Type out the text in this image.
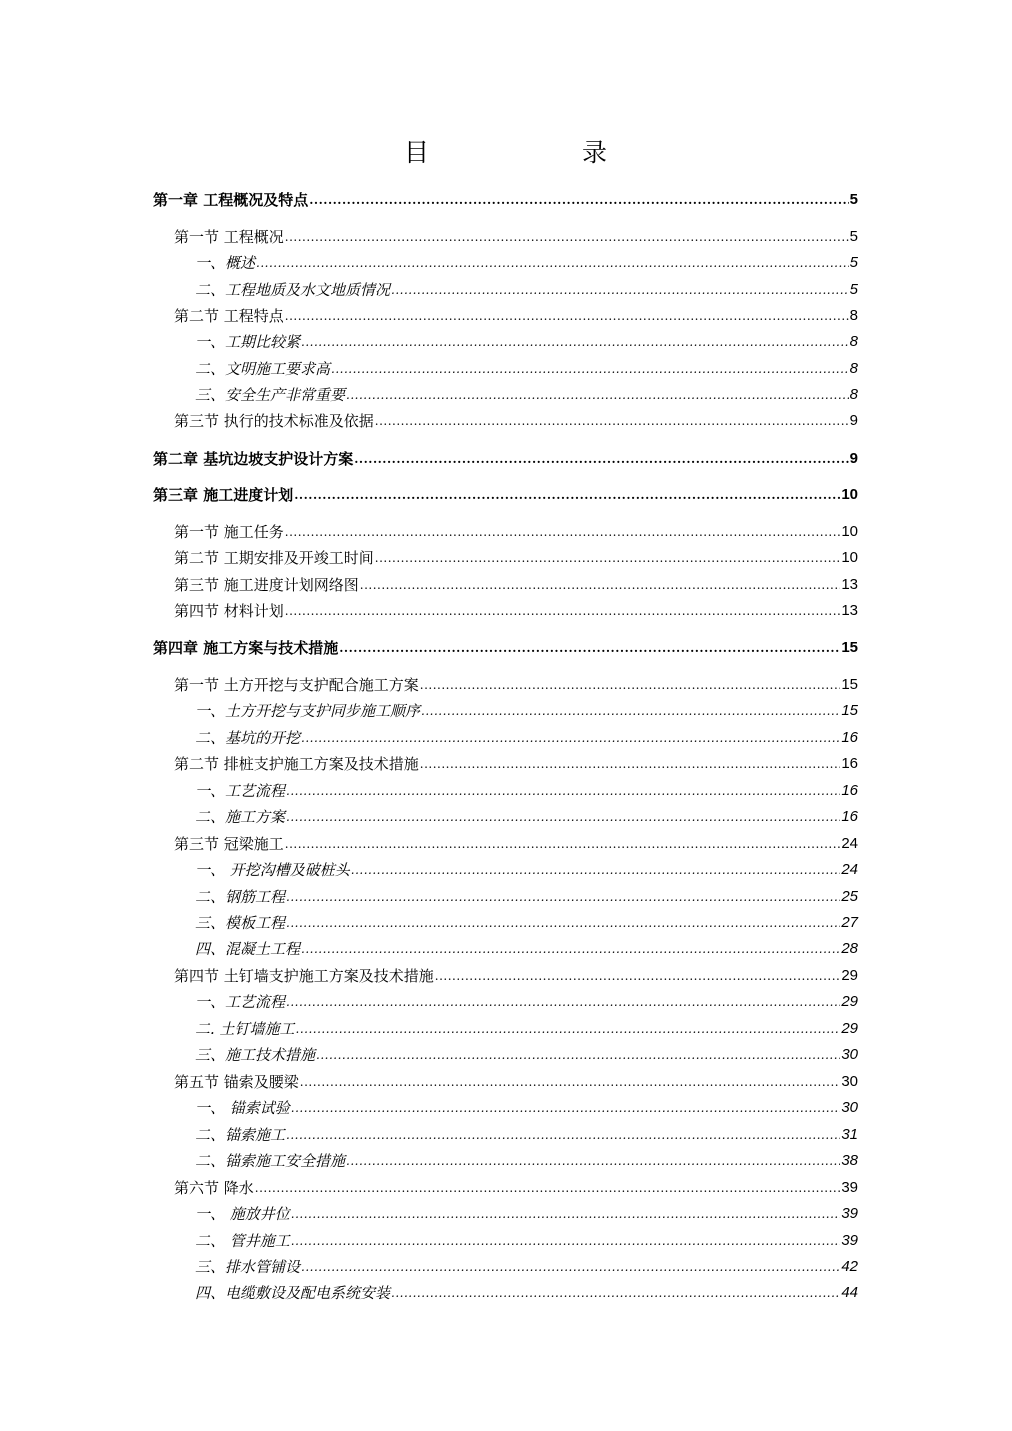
目	录
第一章 工程概况及特点 .....	5
第一节 工程概况 .....	5
一、概述 .....	5
二、工程地质及水文地质情况 .....	5
第二节 工程特点 .....	8
一、工期比较紧 .....	8
二、文明施工要求高 .....	8
三、安全生产非常重要 .....	8
第三节 执行的技术标准及依据 .....	9
第二章 基坑边坡支护设计方案 .....	9
第三章 施工进度计划 .....	10
第一节 施工任务 .....	10
第二节 工期安排及开竣工时间 .....	10
第三节 施工进度计划网络图 .....	13
第四节 材料计划 .....	13
第四章 施工方案与技术措施 .....	15
第一节 土方开挖与支护配合施工方案 .....	15
一、土方开挖与支护同步施工顺序 .....	15
二、基坑的开挖 .....	16
第二节 排桩支护施工方案及技术措施 .....	16
一、工艺流程 .....	16
二、施工方案 .....	16
第三节 冠梁施工 .....	24
一、 开挖沟槽及破桩头 .....	24
二、钢筋工程 .....	25
三、模板工程 .....	27
四、混凝土工程 .....	28
第四节 土钉墙支护施工方案及技术措施 .....	29
一、工艺流程 .....	29
二. 土钉墙施工 .....	29
三、施工技术措施 .....	30
第五节 锚索及腰梁 .....	30
一、 锚索试验 .....	30
二、锚索施工 .....	31
二、锚索施工安全措施 .....	38
第六节 降水 .....	39
一、 施放井位 .....	39
二、 管井施工 .....	39
三、排水管铺设 .....	42
四、电缆敷设及配电系统安装 .....	44
